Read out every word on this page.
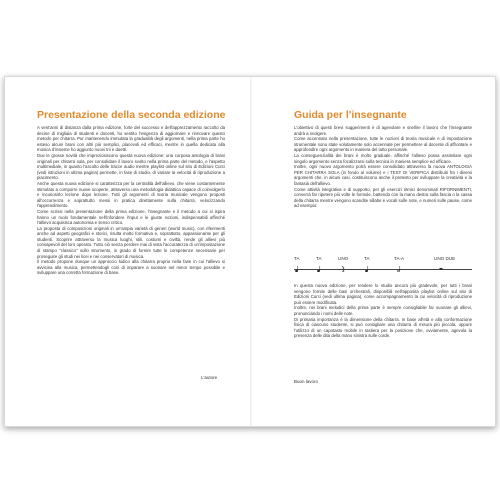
Presentazione della seconda edizione

A vent'anni di distanza dalla prima edizione, forte del successo e dell'apprezzamento raccolto da decine di migliaia di studenti e docenti, ho sentito l'esigenza di aggiornare e rinnovare questo metodo per chitarra. Pur mantenendo immutata la gradualità degli argomenti, nella prima parte ho esteso alcuni brani con altri più semplici, piacevoli ed efficaci, mentre in quella dedicata alla musica d'insieme ho aggiunto nuovi trii e duetti.

Due le grosse novità che impreziosiscono questa nuova edizione: una corposa antologia di brani originali per chitarra sola, per consolidare il lavoro svolto nella prima parte del metodo, e l'aspetto multimediale, in quanto l'ascolto delle tracce audio mentre playlist online sul sito di Edizioni Curci (vedi istruzioni in ultima pagina) permette, in fase di studio, di variare la velocità di riproduzione a piacimento.

Anche questa nuova edizione si caratterizza per la centralità dell'allievo, che viene costantemente stimolato a comporre nuove scoperte, attraverso una metodologia didattica capace di coinvolgerlo e incuriosirlo lezione dopo lezione. Tutti gli argomenti di teoria musicale vengono proposti all'occorrenza e soprattutto messi in pratica direttamente sulla chitarra, velocizzando l'apprendimento.

Come scrissi nella presentazione della prima edizione, l'insegnante e il metodo a cui si ispira hanno un ruolo fondamentale nell'infondere l'input e le giuste nozioni, indispensabili affinché l'allievo acquisisca autonomia e senso critico.

La proposta di composizioni originali in un'ampia varietà di generi (world music), con riferimenti anche ad aspetti geografici e storici, risulta molto formativa e, soprattutto, appassionante per gli studenti. Scoprire attraverso la musica luoghi, stili, costumi e civiltà, rende gli allievi più consapevoli del loro operato. Tutto ciò senza perdere mai di vista l'accuratezza di un'impostazione di stampo "classico" sullo strumento, in grado di fornire tutte le competenze necessarie per proseguire gli studi nei licei e nei conservatori di musica.

Il metodo propone dunque un approccio ludico alla chitarra proprio nella fase in cui l'allievo si avvicina alla musica, permettendogli così di imparare a suonare nel minor tempo possibile e sviluppare una corretta formazione di base.

L'autore
Guida per l'insegnante

L'obiettivo di questi brevi suggerimenti è di agevolare e snellire il lavoro che l'insegnante andrà a svolgere.

Come accennato nella presentazione, tutte le nozioni di teoria musicale e di impostazione strumentale sono state volutamente solo accennate per permettere al docente di affrontare e approfondire ogni argomento in maniera del tutto personale.

La conseguenzialità dei brani è molto graduale, affinché l'allievo possa assimilare ogni singolo argomento senza focalizzarsi sulla tecnica in maniera semplice ed efficace.

Inoltre, ogni nuovo argomento potrà essere consolidato attraverso la nuova ANTOLOGIA PER CHITARRA SOLA (in fondo al volume) e i TEST DI VERIFICA distribuiti fra i diversi argomenti che, in alcuni casi, costituiscono anche il pretesto per sviluppare la creatività e la fantasia dell'allievo.

Come attività integrativa e di supporto, per gli esercizi ritmici denominati RIFORNIMENTI, converrà far ripetere più volte le formule, battendo con la mano destra sulla fascia o la cassa della chitarra mentre vengono scandite sillabe e vocali sulle note, e numeri sulle pause, come ad esempio:

TA	TA	UNO	TA	TA-A	UNO DUE

In questa nuova edizione, per rendere lo studio ancora più gradevole, per tutti i brani vengono fornite delle basi orchestrali, disponibili nell'apposita playlist online sul sito di Edizioni Curci (vedi ultima pagina), come accompagnamento la cui velocità di riproduzione può essere modificata.

Inoltre, nei brani melodici della prima parte è sempre consigliabile far suonare gli allievi, pronunciando i nomi delle note.

Di primaria importanza è la dimensione della chitarra. In base all'età e alla conformazione fisica di ciascuno studente, si può consigliare una chitarra di misura più piccola, oppure l'utilizzo di un capotasto mobile in tastiera per la posizione che, ovviamente, agevola la presenza delle dita della mano sinistra sulle corde.

Buon lavoro
